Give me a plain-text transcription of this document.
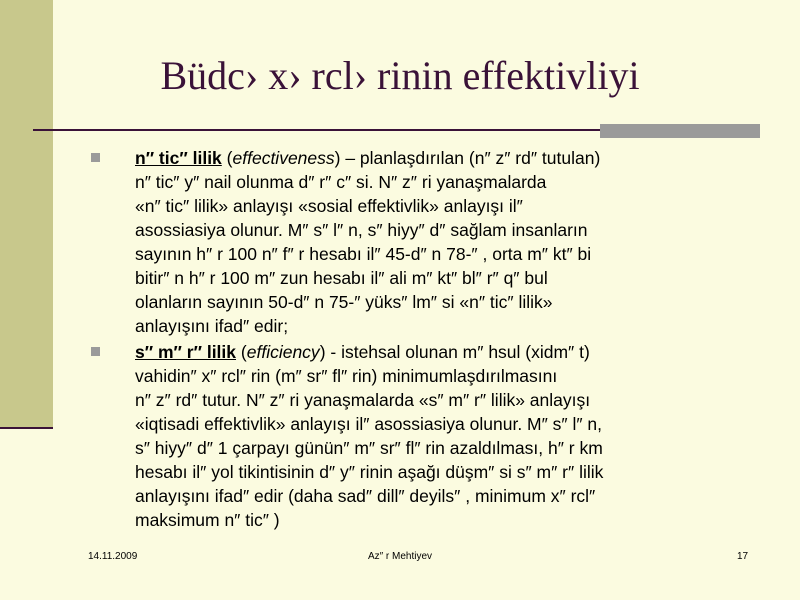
Büdc› x› rcl› rinin effektivliyi
n″ tic″ lilik (effectiveness) – planlaşdırılan (n″ z″ rd″ tutulan)
n″ tic″ y″ nail olunma d″ r″ c″ si. N″ z″ ri yanaşmalarda
«n″ tic″ lilik» anlayışı «sosial effektivlik» anlayışı il″
asossiasiya olunur. M″ s″ l″ n, s″ hiyy″ d″ sağlam insanların
sayının h″ r 100 n″ f″ r hesabı il″ 45-d″ n 78-″ , orta m″ kt″ bi
bitir″ n h″ r 100 m″ zun hesabı il″ ali m″ kt″ bl″ r″ q″ bul
olanların sayının 50-d″ n 75-″ yüks″ lm″ si «n″ tic″ lilik»
anlayışını ifad″ edir;
s″ m″ r″ lilik (efficiency) - istehsal olunan m″ hsul (xidm″ t)
vahidin″ x″ rcl″ rin (m″ sr″ fl″ rin) minimumlaşdırılmasını
n″ z″ rd″ tutur. N″ z″ ri yanaşmalarda «s″ m″ r″ lilik» anlayışı
«iqtisadi effektivlik» anlayışı il″ asossiasiya olunur. M″ s″ l″ n,
s″ hiyy″ d″ 1 çarpayı günün″ m″ sr″ fl″ rin azaldılması, h″ r km
hesabı il″ yol tikintisinin d″ y″ rinin aşağı düşm″ si s″ m″ r″ lilik
anlayışını ifad″ edir (daha sad″ dill″ deyils″ , minimum x″ rcl″
maksimum n″ tic″ )
14.11.2009	Az″ r Mehtiyev	17
